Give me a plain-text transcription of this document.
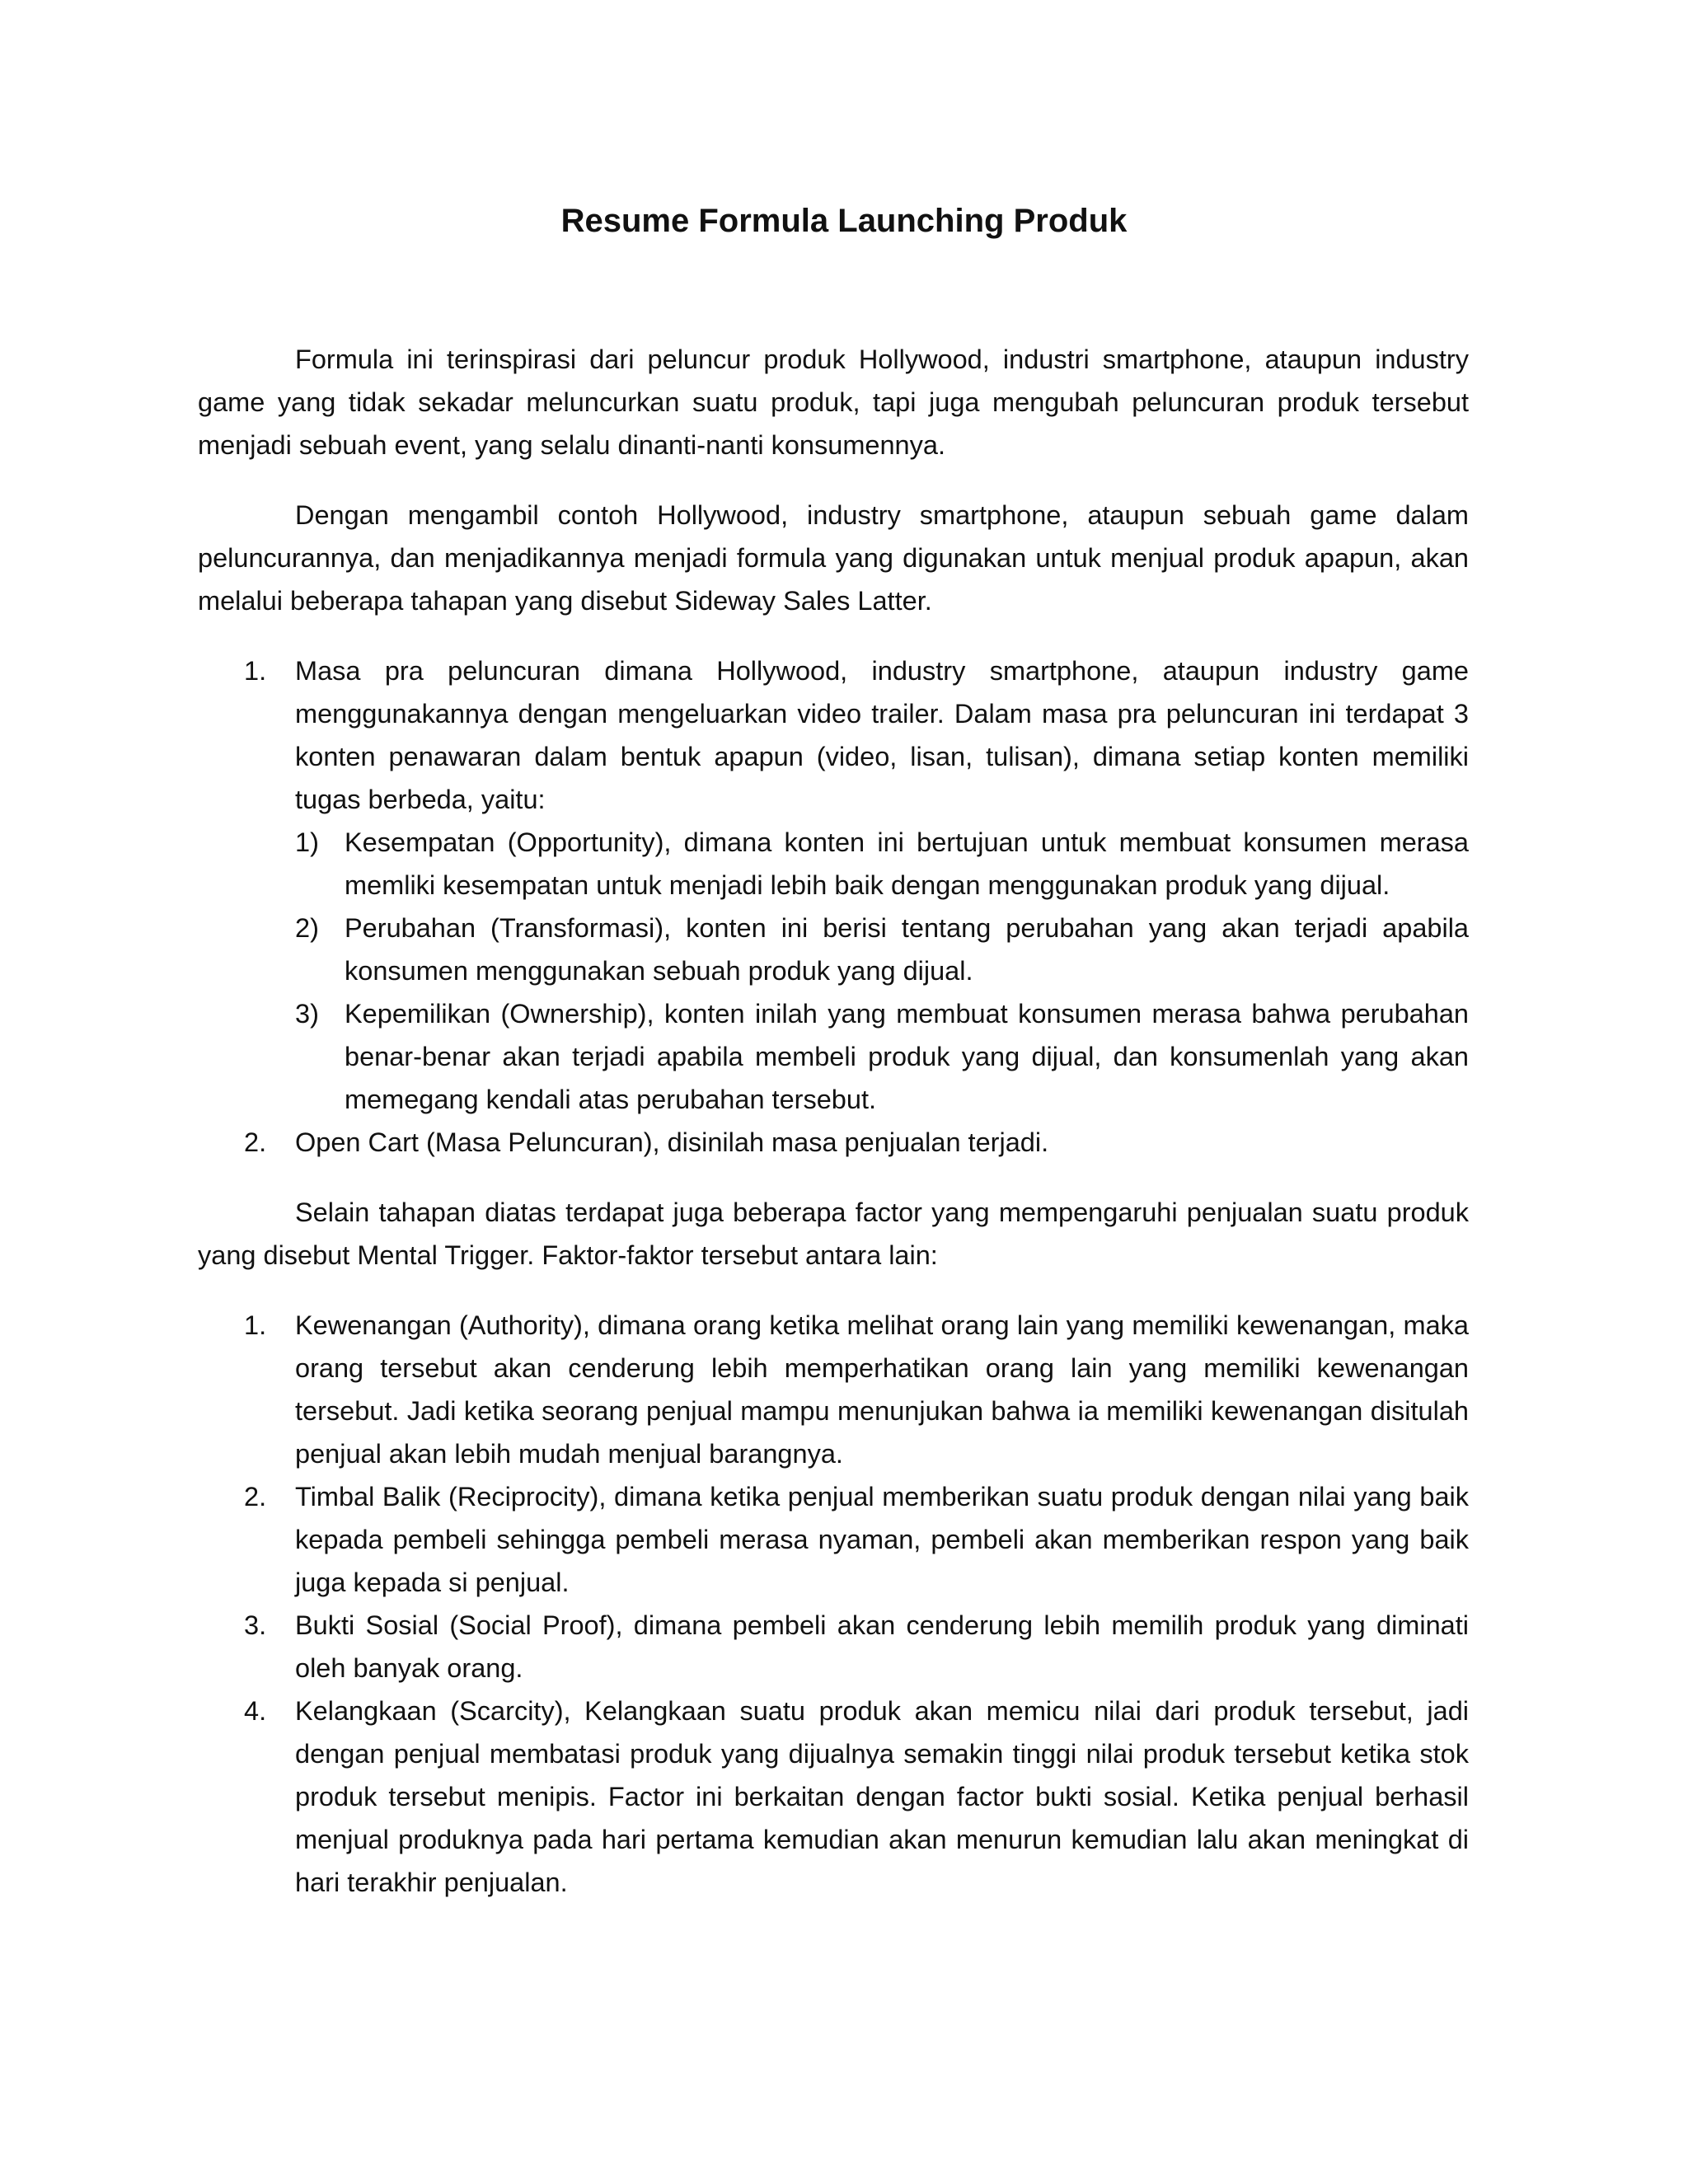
Resume Formula Launching Produk

Formula ini terinspirasi dari peluncur produk Hollywood, industri smartphone, ataupun industry game yang tidak sekadar meluncurkan suatu produk, tapi juga mengubah peluncuran produk tersebut menjadi sebuah event, yang selalu dinanti-nanti konsumennya.

Dengan mengambil contoh Hollywood, industry smartphone, ataupun sebuah game dalam peluncurannya, dan menjadikannya menjadi formula yang digunakan untuk menjual produk apapun, akan melalui beberapa tahapan yang disebut Sideway Sales Latter.

1. Masa pra peluncuran dimana Hollywood, industry smartphone, ataupun industry game menggunakannya dengan mengeluarkan video trailer. Dalam masa pra peluncuran ini terdapat 3 konten penawaran dalam bentuk apapun (video, lisan, tulisan), dimana setiap konten memiliki tugas berbeda, yaitu:
1) Kesempatan (Opportunity), dimana konten ini bertujuan untuk membuat konsumen merasa memliki kesempatan untuk menjadi lebih baik dengan menggunakan produk yang dijual.
2) Perubahan (Transformasi), konten ini berisi tentang perubahan yang akan terjadi apabila konsumen menggunakan sebuah produk yang dijual.
3) Kepemilikan (Ownership), konten inilah yang membuat konsumen merasa bahwa perubahan benar-benar akan terjadi apabila membeli produk yang dijual, dan konsumenlah yang akan memegang kendali atas perubahan tersebut.
2. Open Cart (Masa Peluncuran), disinilah masa penjualan terjadi.

Selain tahapan diatas terdapat juga beberapa factor yang mempengaruhi penjualan suatu produk yang disebut Mental Trigger. Faktor-faktor tersebut antara lain:

1. Kewenangan (Authority), dimana orang ketika melihat orang lain yang memiliki kewenangan, maka orang tersebut akan cenderung lebih memperhatikan orang lain yang memiliki kewenangan tersebut. Jadi ketika seorang penjual mampu menunjukan bahwa ia memiliki kewenangan disitulah penjual akan lebih mudah menjual barangnya.
2. Timbal Balik (Reciprocity), dimana ketika penjual memberikan suatu produk dengan nilai yang baik kepada pembeli sehingga pembeli merasa nyaman, pembeli akan memberikan respon yang baik juga kepada si penjual.
3. Bukti Sosial (Social Proof), dimana pembeli akan cenderung lebih memilih produk yang diminati oleh banyak orang.
4. Kelangkaan (Scarcity), Kelangkaan suatu produk akan memicu nilai dari produk tersebut, jadi dengan penjual membatasi produk yang dijualnya semakin tinggi nilai produk tersebut ketika stok produk tersebut menipis. Factor ini berkaitan dengan factor bukti sosial. Ketika penjual berhasil menjual produknya pada hari pertama kemudian akan menurun kemudian lalu akan meningkat di hari terakhir penjualan.
